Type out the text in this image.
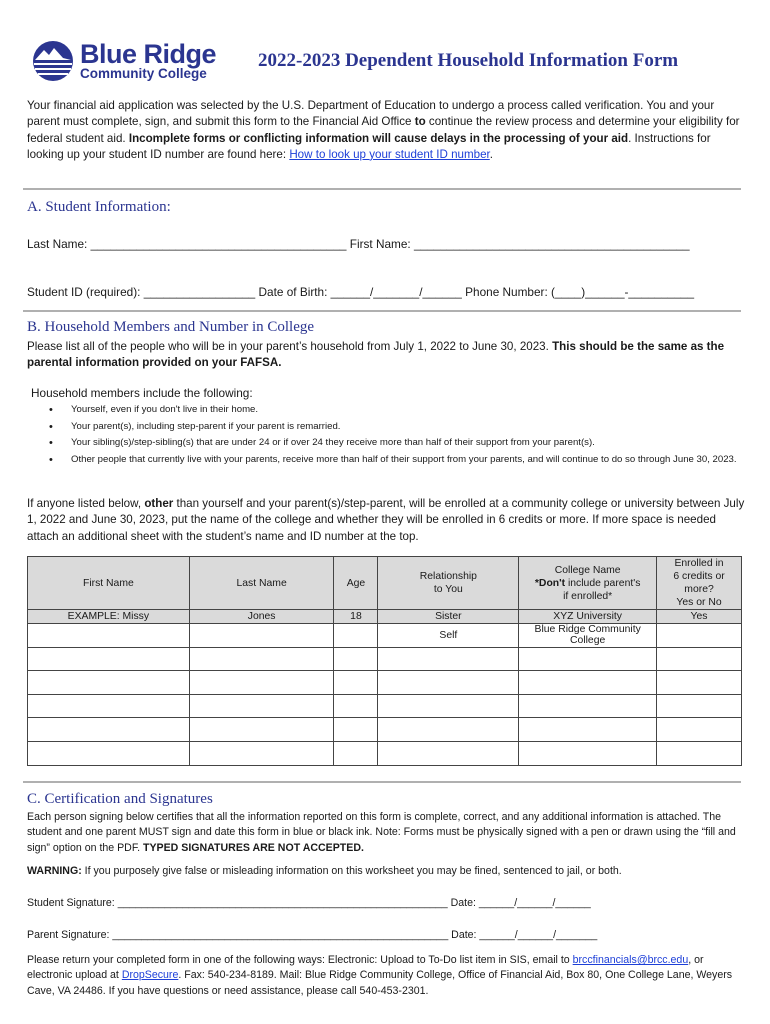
Blue Ridge
Community College
2022-2023 Dependent Household Information Form
Your financial aid application was selected by the U.S. Department of Education to undergo a process called verification. You and your parent must complete, sign, and submit this form to the Financial Aid Office to continue the review process and determine your eligibility for federal student aid. Incomplete forms or conflicting information will cause delays in the processing of your aid. Instructions for looking up your student ID number are found here: How to look up your student ID number.
A. Student Information:
Last Name: _______________________________________ First Name: __________________________________________
Student ID (required): _________________ Date of Birth: ______/_______/______ Phone Number: (____)______-__________
B. Household Members and Number in College
Please list all of the people who will be in your parent’s household from July 1, 2022 to June 30, 2023. This should be the same as the parental information provided on your FAFSA.
Household members include the following:
• Yourself, even if you don't live in their home.
• Your parent(s), including step-parent if your parent is remarried.
• Your sibling(s)/step-sibling(s) that are under 24 or if over 24 they receive more than half of their support from your parent(s).
• Other people that currently live with your parents, receive more than half of their support from your parents, and will continue to do so through June 30, 2023.
If anyone listed below, other than yourself and your parent(s)/step-parent, will be enrolled at a community college or university between July 1, 2022 and June 30, 2023, put the name of the college and whether they will be enrolled in 6 credits or more. If more space is needed attach an additional sheet with the student’s name and ID number at the top.
First Name	Last Name	Age	Relationship
to You	College Name
*Don't include parent's
if enrolled*	Enrolled in
6 credits or
more?
Yes or No
EXAMPLE: Missy	Jones	18	Sister	XYZ University	Yes
			Self	Blue Ridge Community College	

C. Certification and Signatures
Each person signing below certifies that all the information reported on this form is complete, correct, and any additional information is attached. The student and one parent MUST sign and date this form in blue or black ink. Note: Forms must be physically signed with a pen or drawn using the “fill and sign” option on the PDF. TYPED SIGNATURES ARE NOT ACCEPTED.
WARNING: If you purposely give false or misleading information on this worksheet you may be fined, sentenced to jail, or both.
Student Signature: ________________________________________________________ Date: ______/______/______
Parent Signature: _________________________________________________________ Date: ______/______/_______
Please return your completed form in one of the following ways: Electronic: Upload to To-Do list item in SIS, email to brccfinancials@brcc.edu, or electronic upload at DropSecure. Fax: 540-234-8189. Mail: Blue Ridge Community College, Office of Financial Aid, Box 80, One College Lane, Weyers Cave, VA 24486. If you have questions or need assistance, please call 540-453-2301.
